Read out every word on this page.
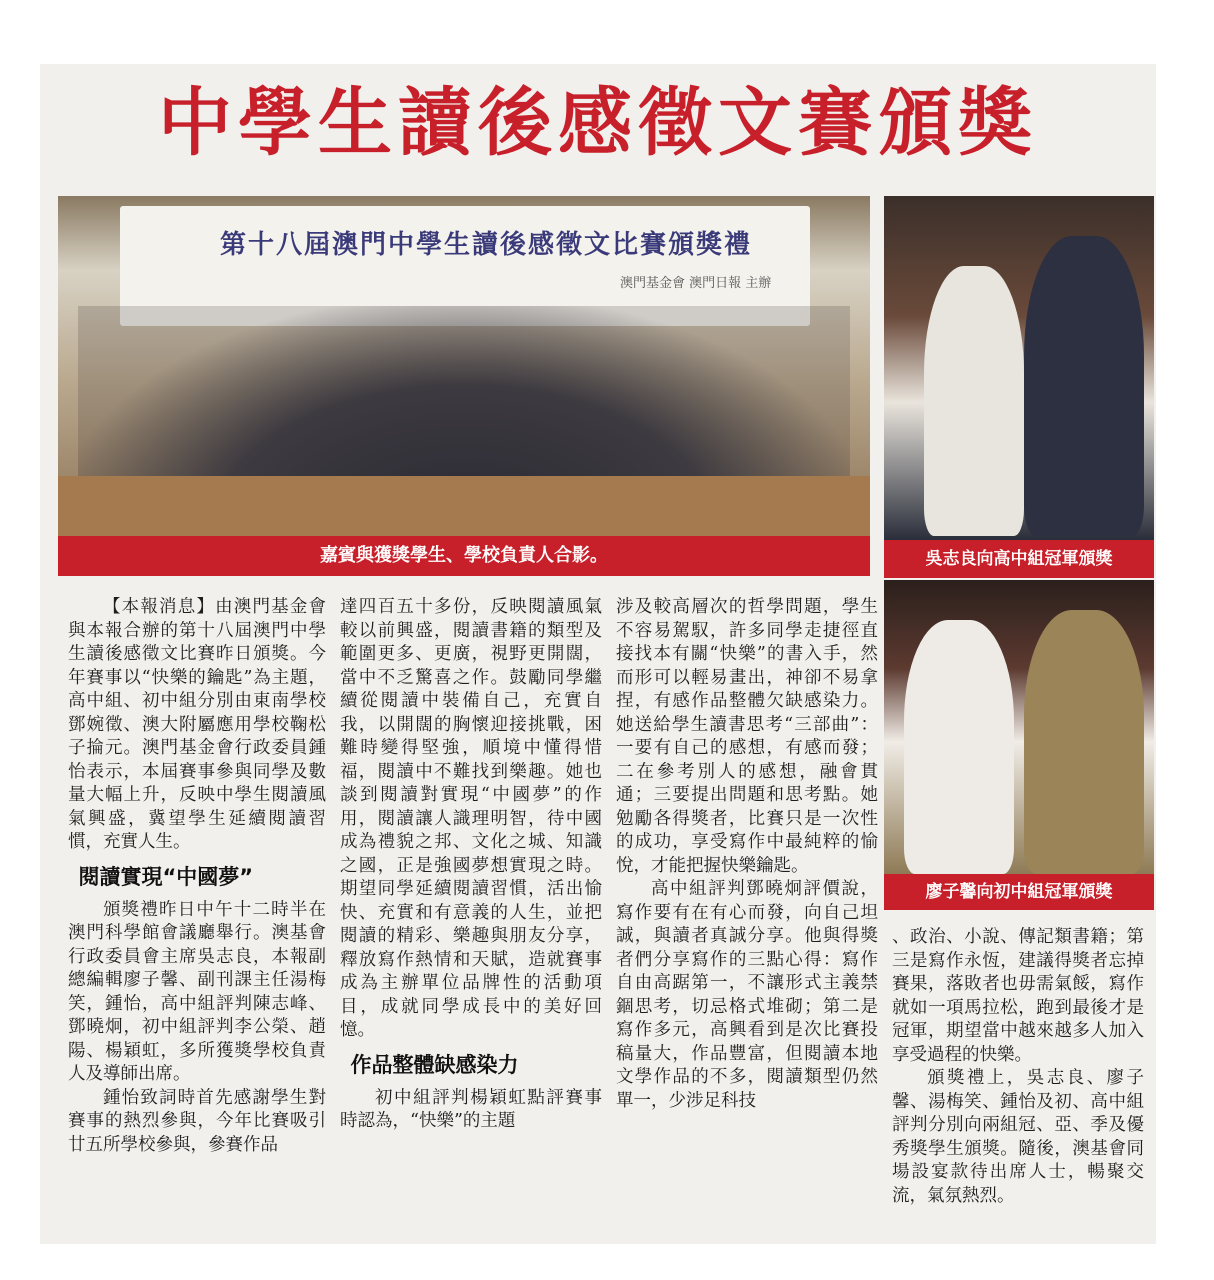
中學生讀後感徵文賽頒獎
第十八屆澳門中學生讀後感徵文比賽頒獎禮
澳門基金會 澳門日報 主辦
嘉賓與獲獎學生、學校負責人合影。	吳志良向高中組冠軍頒獎
廖子馨向初中組冠軍頒獎

【本報消息】由澳門基金會與本報合辦的第十八屆澳門中學生讀後感徵文比賽昨日頒獎。今年賽事以“快樂的鑰匙”為主題，高中組、初中組分別由東南學校鄧婉徵、澳大附屬應用學校鞠松子掄元。澳門基金會行政委員鍾怡表示，本屆賽事參與同學及數量大幅上升，反映中學生閱讀風氣興盛，冀望學生延續閱讀習慣，充實人生。

閱讀實現“中國夢”

頒獎禮昨日中午十二時半在澳門科學館會議廳舉行。澳基會行政委員會主席吳志良，本報副總編輯廖子馨、副刊課主任湯梅笑，鍾怡，高中組評判陳志峰、鄧曉炯，初中組評判李公榮、趙陽、楊穎虹，多所獲獎學校負責人及導師出席。

鍾怡致詞時首先感謝學生對賽事的熱烈參與，今年比賽吸引廿五所學校參與，參賽作品

達四百五十多份，反映閱讀風氣較以前興盛，閱讀書籍的類型及範圍更多、更廣，視野更開闊，當中不乏驚喜之作。鼓勵同學繼續從閱讀中裝備自己，充實自我，以開闊的胸懷迎接挑戰，困難時變得堅強，順境中懂得惜福，閱讀中不難找到樂趣。她也談到閱讀對實現“中國夢”的作用，閱讀讓人識理明智，待中國成為禮貌之邦、文化之城、知識之國，正是強國夢想實現之時。期望同學延續閱讀習慣，活出愉快、充實和有意義的人生，並把閱讀的精彩、樂趣與朋友分享，釋放寫作熱情和天賦，造就賽事成為主辦單位品牌性的活動項目，成就同學成長中的美好回憶。

作品整體缺感染力

初中組評判楊穎虹點評賽事時認為，“快樂”的主題

涉及較高層次的哲學問題，學生不容易駕馭，許多同學走捷徑直接找本有關“快樂”的書入手，然而形可以輕易畫出，神卻不易拿捏，有感作品整體欠缺感染力。她送給學生讀書思考“三部曲”：一要有自己的感想，有感而發；二在參考別人的感想，融會貫通；三要提出問題和思考點。她勉勵各得獎者，比賽只是一次性的成功，享受寫作中最純粹的愉悅，才能把握快樂鑰匙。

高中組評判鄧曉炯評價說，寫作要有在有心而發，向自己坦誠，與讀者真誠分享。他與得獎者們分享寫作的三點心得：寫作自由高踞第一，不讓形式主義禁錮思考，切忌格式堆砌；第二是寫作多元，高興看到是次比賽投稿量大，作品豐富，但閱讀本地文學作品的不多，閱讀類型仍然單一，少涉足科技

、政治、小說、傳記類書籍；第三是寫作永恆，建議得獎者忘掉賽果，落敗者也毋需氣餒，寫作就如一項馬拉松，跑到最後才是冠軍，期望當中越來越多人加入享受過程的快樂。

頒獎禮上，吳志良、廖子馨、湯梅笑、鍾怡及初、高中組評判分別向兩組冠、亞、季及優秀獎學生頒獎。隨後，澳基會同場設宴款待出席人士，暢聚交流，氣氛熱烈。
